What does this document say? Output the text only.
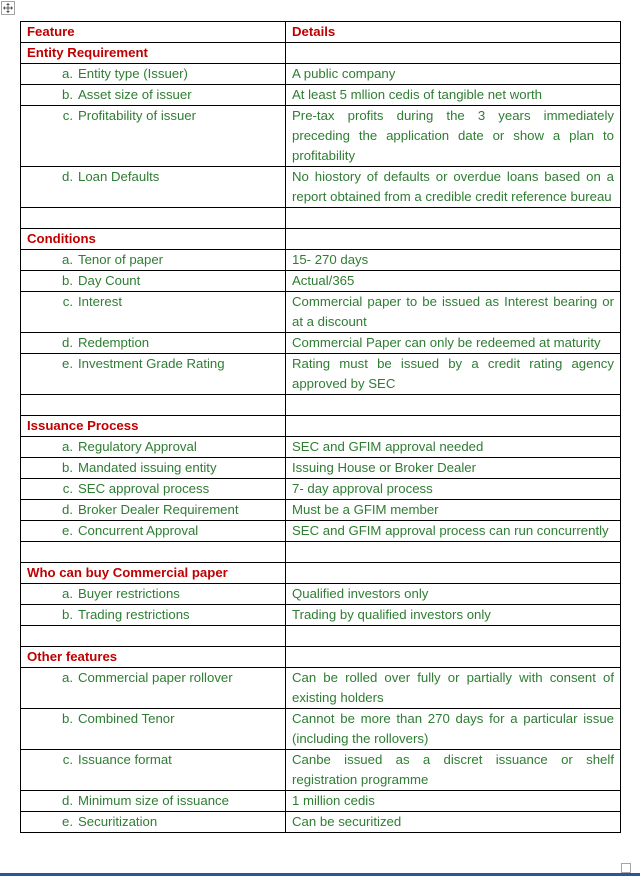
Feature	Details
Entity Requirement	
a. Entity type (Issuer)	A public company
b. Asset size of issuer	At least 5 mllion cedis of tangible net worth
c. Profitability of issuer	Pre-tax profits during the 3 years immediately preceding the application date or show a plan to profitability
d. Loan Defaults	No hiostory of defaults or overdue loans based on a report obtained from a credible credit reference bureau

Conditions	
a. Tenor of paper	15- 270 days
b. Day Count	Actual/365
c. Interest	Commercial paper to be issued as Interest bearing or at a discount
d. Redemption	Commercial Paper can only be redeemed at maturity
e. Investment Grade Rating	Rating must be issued by a credit rating agency approved by SEC

Issuance Process	
a. Regulatory Approval	SEC and GFIM approval needed
b. Mandated issuing entity	Issuing House or Broker Dealer
c. SEC approval process	7- day approval process
d. Broker Dealer Requirement	Must be a GFIM member
e. Concurrent Approval	SEC and GFIM approval process can run concurrently

Who can buy Commercial paper	
a. Buyer restrictions	Qualified investors only
b. Trading restrictions	Trading by qualified investors only

Other features	
a. Commercial paper rollover	Can be rolled over fully or partially with consent of existing holders
b. Combined Tenor	Cannot be more than 270 days for a particular issue (including the rollovers)
c. Issuance format	Canbe issued as a discret issuance or shelf registration programme
d. Minimum size of issuance	1 million cedis
e. Securitization	Can be securitized
